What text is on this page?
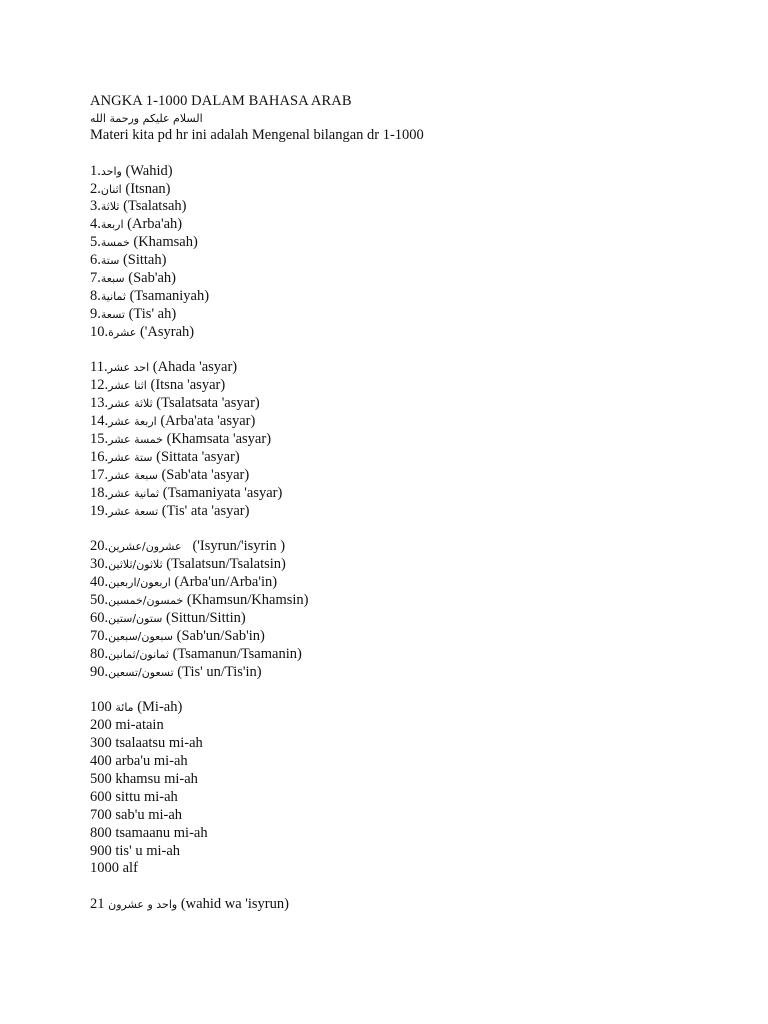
ANGKA 1-1000 DALAM BAHASA ARAB
السلام عليكم ورحمة الله
Materi kita pd hr ini adalah Mengenal bilangan dr 1-1000
1.واحد (Wahid)
2.اثنان (Itsnan)
3.ثلاثة (Tsalatsah)
4.اربعة (Arba'ah)
5.خمسة (Khamsah)
6.ستة (Sittah)
7.سبعة (Sab'ah)
8.ثمانية (Tsamaniyah)
9.تسعة (Tis' ah)
10.عشرة ('Asyrah)
11.احد عشر (Ahada 'asyar)
12.اثنا عشر (Itsna 'asyar)
13.ثلاثة عشر (Tsalatsata 'asyar)
14.اربعة عشر (Arba'ata 'asyar)
15.خمسة عشر (Khamsata 'asyar)
16.ستة عشر (Sittata 'asyar)
17.سبعة عشر (Sab'ata 'asyar)
18.ثمانية عشر (Tsamaniyata 'asyar)
19.تسعة عشر (Tis' ata 'asyar)
20.عشرون/عشرين ('Isyrun/'isyrin )
30.ثلاثون/ثلاثين (Tsalatsun/Tsalatsin)
40.اربعون/اربعين (Arba'un/Arba'in)
50.خمسون/خمسين (Khamsun/Khamsin)
60.ستون/ستين (Sittun/Sittin)
70.سبعون/سبعين (Sab'un/Sab'in)
80.ثمانون/ثمانين (Tsamanun/Tsamanin)
90.تسعون/تسعين (Tis' un/Tis'in)
100 مائة (Mi-ah)
200 mi-atain
300 tsalaatsu mi-ah
400 arba'u mi-ah
500 khamsu mi-ah
600 sittu mi-ah
700 sab'u mi-ah
800 tsamaanu mi-ah
900 tis' u mi-ah
1000 alf
21 واحد و عشرون (wahid wa 'isyrun)
